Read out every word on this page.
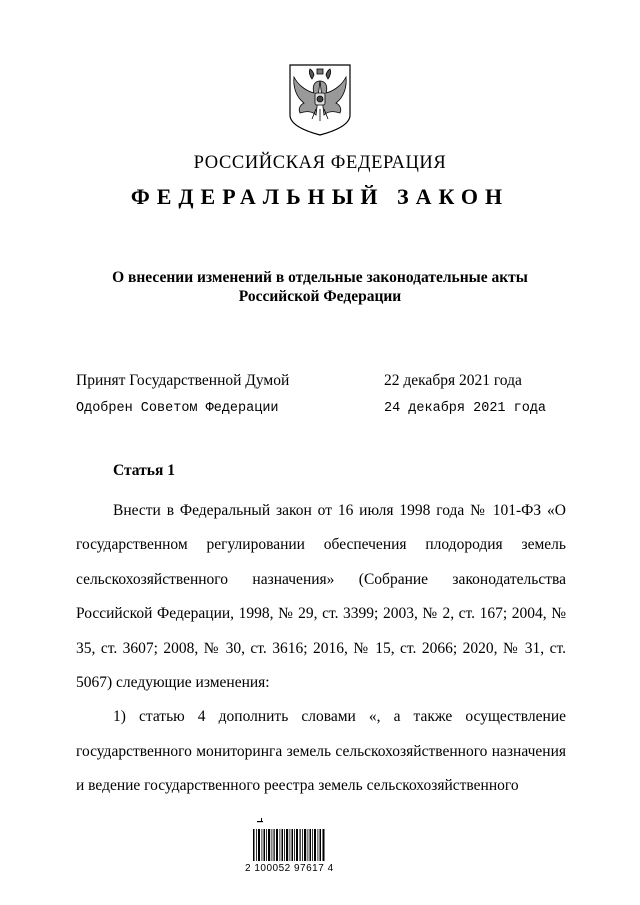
РОССИЙСКАЯ ФЕДЕРАЦИЯ
ФЕДЕРАЛЬНЫЙ ЗАКОН
О внесении изменений в отдельные законодательные акты
Российской Федерации
Принят Государственной Думой	22 декабря 2021 года
Одобрен Советом Федерации	24 декабря 2021 года
Статья 1

Внести в Федеральный закон от 16 июля 1998 года № 101-ФЗ «О государственном регулировании обеспечения плодородия земель сельскохозяйственного назначения» (Собрание законодательства Российской Федерации, 1998, № 29, ст. 3399; 2003, № 2, ст. 167; 2004, № 35, ст. 3607; 2008, № 30, ст. 3616; 2016, № 15, ст. 2066; 2020, № 31, ст. 5067) следующие изменения:

1) статью 4 дополнить словами «, а также осуществление государственного мониторинга земель сельскохозяйственного назначения и ведение государственного реестра земель сельскохозяйственного

2 100052 97617 4
